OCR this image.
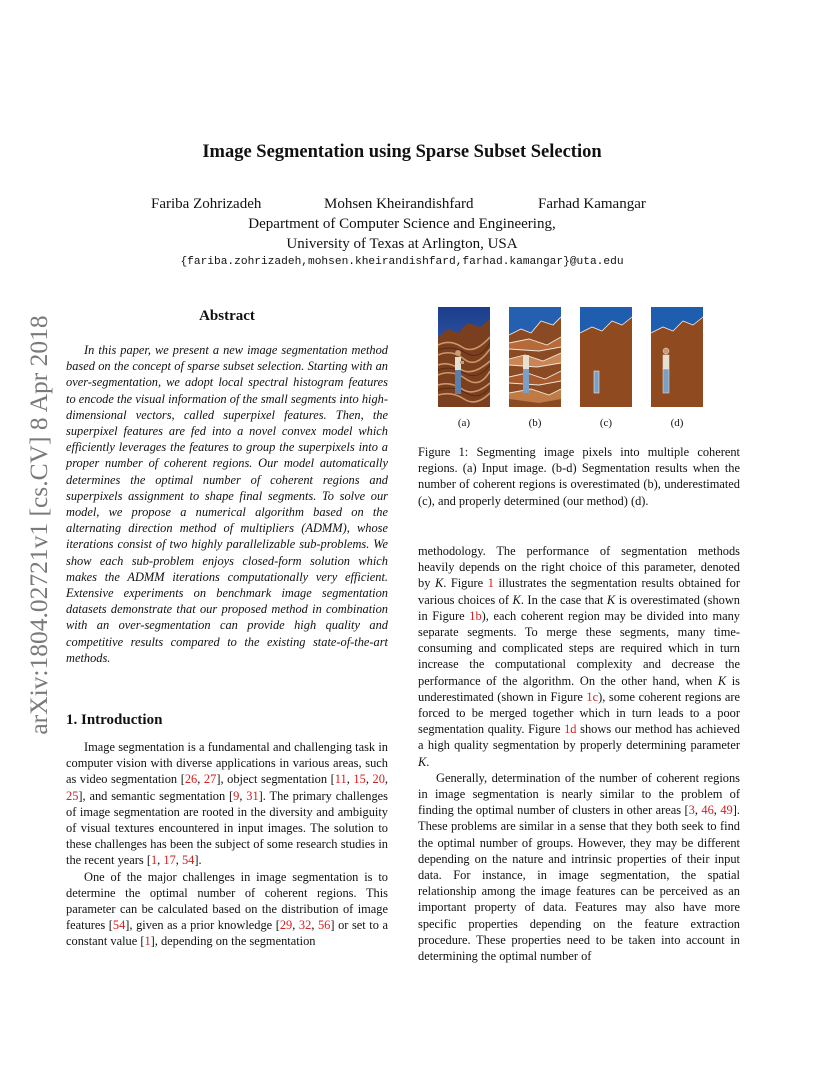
Image Segmentation using Sparse Subset Selection
Fariba Zohrizadeh	Mohsen Kheirandishfard	Farhad Kamangar
Department of Computer Science and Engineering,
University of Texas at Arlington, USA
{fariba.zohrizadeh,mohsen.kheirandishfard,farhad.kamangar}@uta.edu
arXiv:1804.02721v1 [cs.CV] 8 Apr 2018	Abstract
In this paper, we present a new image segmentation method based on the concept of sparse subset selection. Starting with an over-segmentation, we adopt local spectral histogram features to encode the visual information of the small segments into high-dimensional vectors, called superpixel features. Then, the superpixel features are fed into a novel convex model which efficiently leverages the features to group the superpixels into a proper number of coherent regions. Our model automatically determines the optimal number of coherent regions and superpixels assignment to shape final segments. To solve our model, we propose a numerical algorithm based on the alternating direction method of multipliers (ADMM), whose iterations consist of two highly parallelizable sub-problems. We show each sub-problem enjoys closed-form solution which makes the ADMM iterations computationally very efficient. Extensive experiments on benchmark image segmentation datasets demonstrate that our proposed method in combination with an over-segmentation can provide high quality and competitive results compared to the existing state-of-the-art methods.
1. Introduction

Image segmentation is a fundamental and challenging task in computer vision with diverse applications in various areas, such as video segmentation [26, 27], object segmentation [11, 15, 20, 25], and semantic segmentation [9, 31]. The primary challenges of image segmentation are rooted in the diversity and ambiguity of visual textures encountered in input images. The solution to these challenges has been the subject of some research studies in the recent years [1, 17, 54].

One of the major challenges in image segmentation is to determine the optimal number of coherent regions. This parameter can be calculated based on the distribution of image features [54], given as a prior knowledge [29, 32, 56] or set to a constant value [1], depending on the segmentation

(a)	(b)	(c)	(d)
Figure 1: Segmenting image pixels into multiple coherent regions. (a) Input image. (b-d) Segmentation results when the number of coherent regions is overestimated (b), underestimated (c), and properly determined (our method) (d).

methodology. The performance of segmentation methods heavily depends on the right choice of this parameter, denoted by K. Figure 1 illustrates the segmentation results obtained for various choices of K. In the case that K is overestimated (shown in Figure 1b), each coherent region may be divided into many separate segments. To merge these segments, many time-consuming and complicated steps are required which in turn increase the computational complexity and decrease the performance of the algorithm. On the other hand, when K is underestimated (shown in Figure 1c), some coherent regions are forced to be merged together which in turn leads to a poor segmentation quality. Figure 1d shows our method has achieved a high quality segmentation by properly determining parameter K.

Generally, determination of the number of coherent regions in image segmentation is nearly similar to the problem of finding the optimal number of clusters in other areas [3, 46, 49]. These problems are similar in a sense that they both seek to find the optimal number of groups. However, they may be different depending on the nature and intrinsic properties of their input data. For instance, in image segmentation, the spatial relationship among the image features can be perceived as an important property of data. Features may also have more specific properties depending on the feature extraction procedure. These properties need to be taken into account in determining the optimal number of
